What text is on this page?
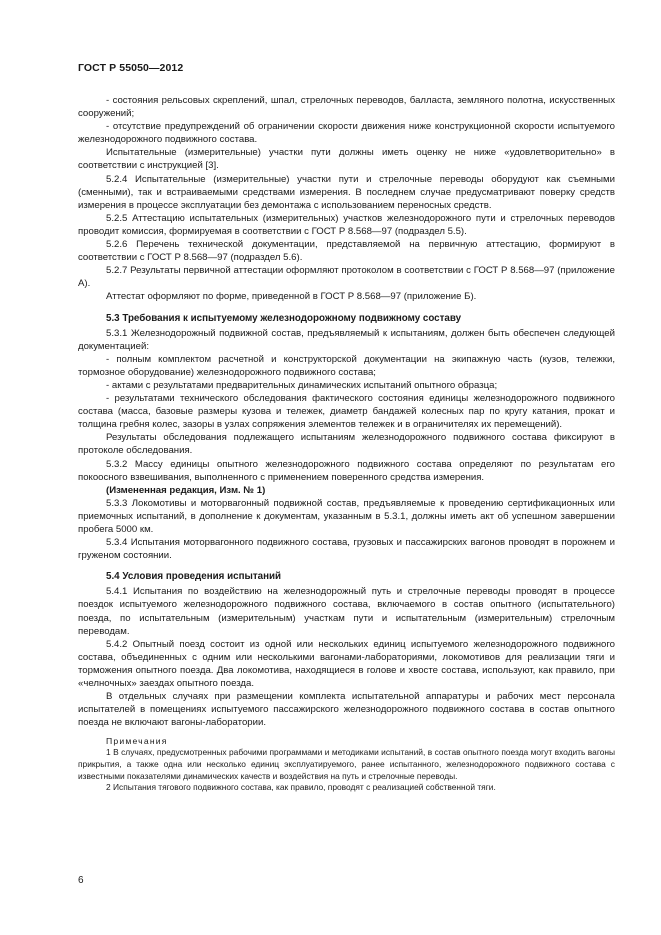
ГОСТ Р 55050—2012

- состояния рельсовых скреплений, шпал, стрелочных переводов, балласта, земляного полотна, искусственных сооружений;

- отсутствие предупреждений об ограничении скорости движения ниже конструкционной скорости испытуемого железнодорожного подвижного состава.

Испытательные (измерительные) участки пути должны иметь оценку не ниже «удовлетворительно» в соответствии с инструкцией [3].

5.2.4 Испытательные (измерительные) участки пути и стрелочные переводы оборудуют как съемными (сменными), так и встраиваемыми средствами измерения. В последнем случае предусматривают поверку средств измерения в процессе эксплуатации без демонтажа с использованием переносных средств.

5.2.5 Аттестацию испытательных (измерительных) участков железнодорожного пути и стрелочных переводов проводит комиссия, формируемая в соответствии с ГОСТ Р 8.568—97 (подраздел 5.5).

5.2.6 Перечень технической документации, представляемой на первичную аттестацию, формируют в соответствии с ГОСТ Р 8.568—97 (подраздел 5.6).

5.2.7 Результаты первичной аттестации оформляют протоколом в соответствии с ГОСТ Р 8.568—97 (приложение А).

Аттестат оформляют по форме, приведенной в ГОСТ Р 8.568—97 (приложение Б).

5.3 Требования к испытуемому железнодорожному подвижному составу

5.3.1 Железнодорожный подвижной состав, предъявляемый к испытаниям, должен быть обеспечен следующей документацией:

- полным комплектом расчетной и конструкторской документации на экипажную часть (кузов, тележки, тормозное оборудование) железнодорожного подвижного состава;

- актами с результатами предварительных динамических испытаний опытного образца;

- результатами технического обследования фактического состояния единицы железнодорожного подвижного состава (масса, базовые размеры кузова и тележек, диаметр бандажей колесных пар по кругу катания, прокат и толщина гребня колес, зазоры в узлах сопряжения элементов тележек и в ограничителях их перемещений).

Результаты обследования подлежащего испытаниям железнодорожного подвижного состава фиксируют в протоколе обследования.

5.3.2 Массу единицы опытного железнодорожного подвижного состава определяют по результатам его покоосного взвешивания, выполненного с применением поверенного средства измерения.

(Измененная редакция, Изм. № 1)

5.3.3 Локомотивы и моторвагонный подвижной состав, предъявляемые к проведению сертификационных или приемочных испытаний, в дополнение к документам, указанным в 5.3.1, должны иметь акт об успешном завершении пробега 5000 км.

5.3.4 Испытания моторвагонного подвижного состава, грузовых и пассажирских вагонов проводят в порожнем и груженом состоянии.

5.4 Условия проведения испытаний

5.4.1 Испытания по воздействию на железнодорожный путь и стрелочные переводы проводят в процессе поездок испытуемого железнодорожного подвижного состава, включаемого в состав опытного (испытательного) поезда, по испытательным (измерительным) участкам пути и испытательным (измерительным) стрелочным переводам.

5.4.2 Опытный поезд состоит из одной или нескольких единиц испытуемого железнодорожного подвижного состава, объединенных с одним или несколькими вагонами-лабораториями, локомотивов для реализации тяги и торможения опытного поезда. Два локомотива, находящиеся в голове и хвосте состава, используют, как правило, при «челночных» заездах опытного поезда.

В отдельных случаях при размещении комплекта испытательной аппаратуры и рабочих мест персонала испытателей в помещениях испытуемого пассажирского железнодорожного подвижного состава в состав опытного поезда не включают вагоны-лаборатории.

Примечания

1 В случаях, предусмотренных рабочими программами и методиками испытаний, в состав опытного поезда могут входить вагоны прикрытия, а также одна или несколько единиц эксплуатируемого, ранее испытанного, железнодорожного подвижного состава с известными показателями динамических качеств и воздействия на путь и стрелочные переводы.

2 Испытания тягового подвижного состава, как правило, проводят с реализацией собственной тяги.

6
